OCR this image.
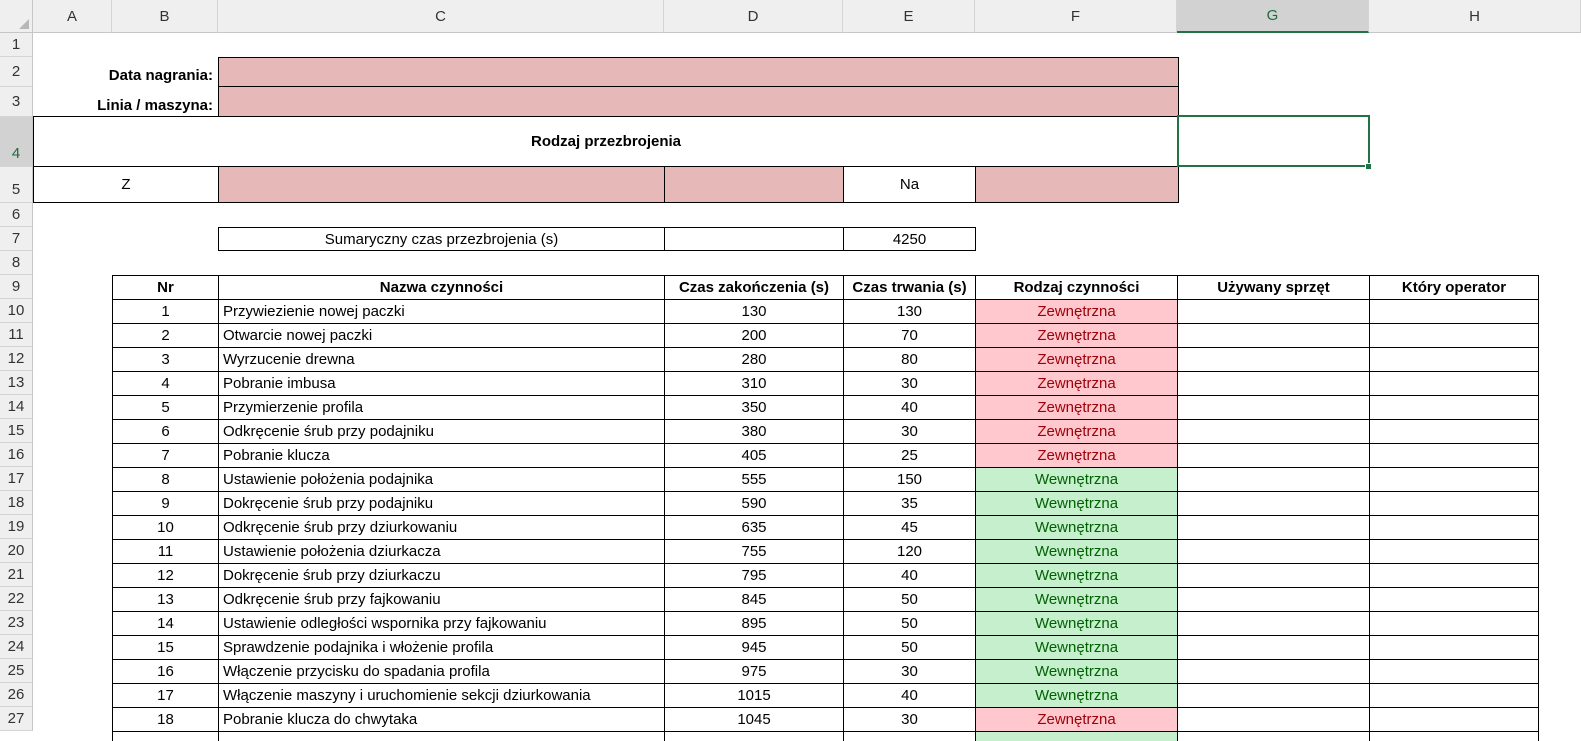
A	B	C	D	E	F	G	H
1
2
3
4
5
6
7
8
9
10
11
12
13
14
15
16
17
18
19
20
21
22
23
24
25
26
27
Data nagrania:
Linia / maszyna:
Rodzaj przezbrojenia
Z	Na
Sumaryczny czas przezbrojenia (s)	4250
Nr	Nazwa czynności	Czas zakończenia (s)	Czas trwania (s)	Rodzaj czynności	Używany sprzęt	Który operator
1	Przywiezienie nowej paczki	130	130	Zewnętrzna
2	Otwarcie nowej paczki	200	70	Zewnętrzna
3	Wyrzucenie drewna	280	80	Zewnętrzna
4	Pobranie imbusa	310	30	Zewnętrzna
5	Przymierzenie profila	350	40	Zewnętrzna
6	Odkręcenie śrub przy podajniku	380	30	Zewnętrzna
7	Pobranie klucza	405	25	Zewnętrzna
8	Ustawienie położenia podajnika	555	150	Wewnętrzna
9	Dokręcenie śrub przy podajniku	590	35	Wewnętrzna
10	Odkręcenie śrub przy dziurkowaniu	635	45	Wewnętrzna
11	Ustawienie położenia dziurkacza	755	120	Wewnętrzna
12	Dokręcenie śrub przy dziurkaczu	795	40	Wewnętrzna
13	Odkręcenie śrub przy fajkowaniu	845	50	Wewnętrzna
14	Ustawienie odległości wspornika przy fajkowaniu	895	50	Wewnętrzna
15	Sprawdzenie podajnika i włożenie profila	945	50	Wewnętrzna
16	Włączenie przycisku do spadania profila	975	30	Wewnętrzna
17	Włączenie maszyny i uruchomienie sekcji dziurkowania	1015	40	Wewnętrzna
18	Pobranie klucza do chwytaka	1045	30	Zewnętrzna
